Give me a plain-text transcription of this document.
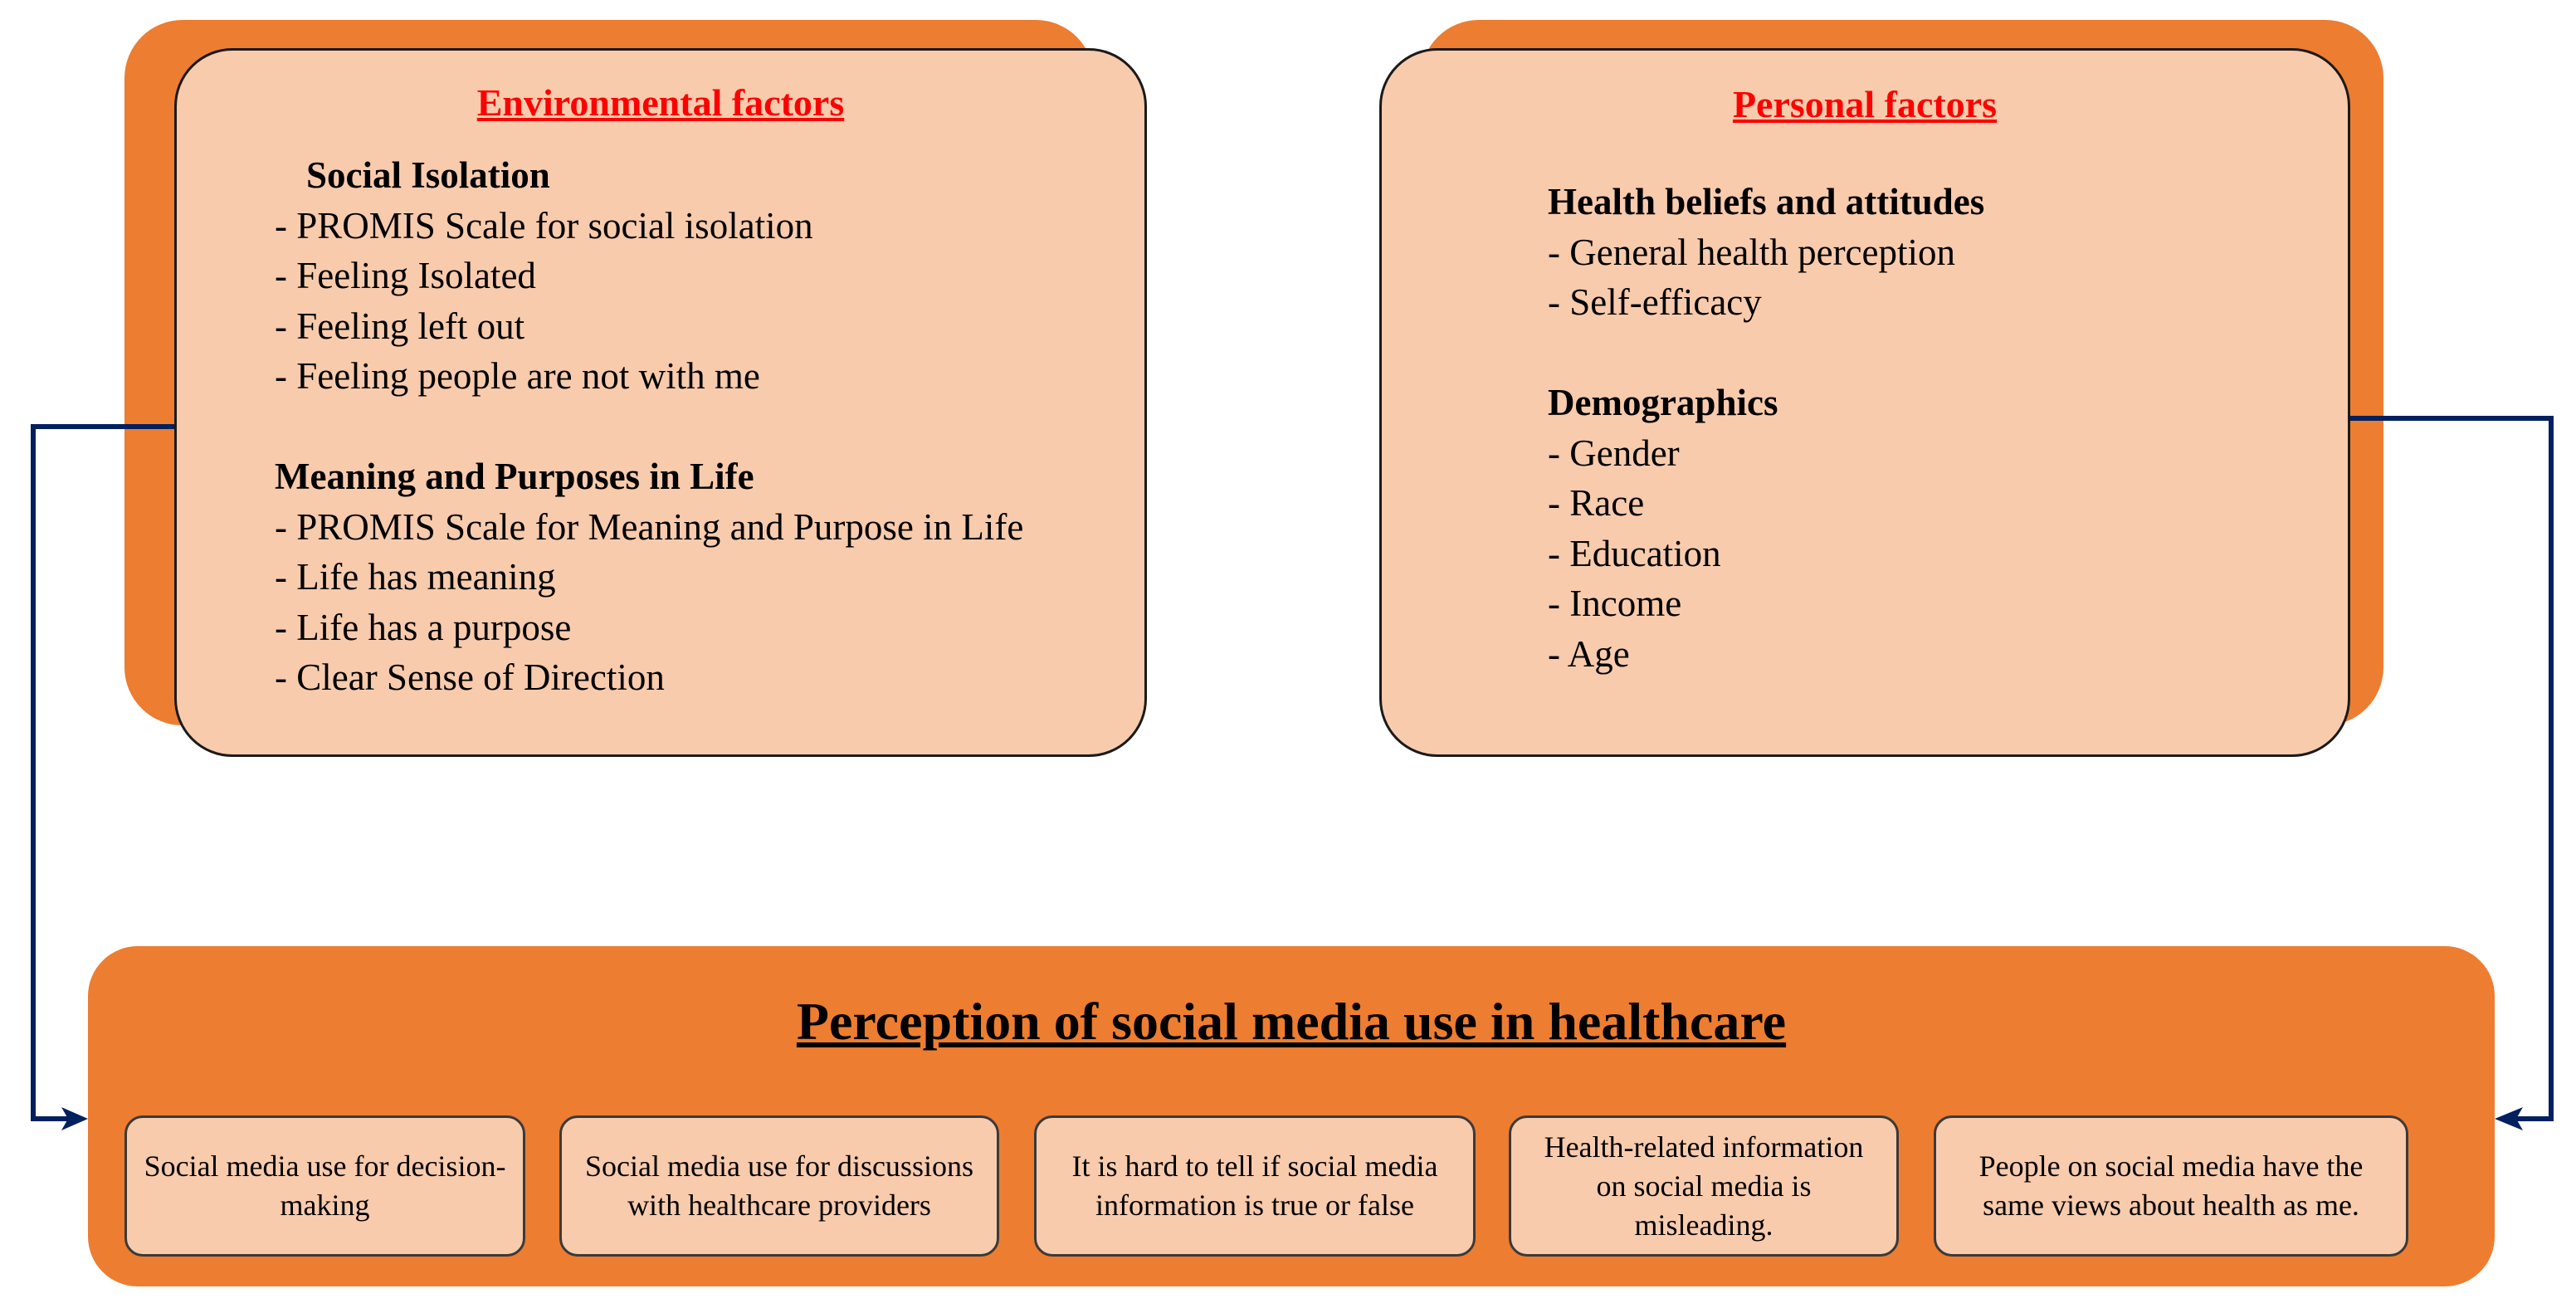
Environmental factors

Social Isolation
- PROMIS Scale for social isolation
- Feeling Isolated
- Feeling left out
- Feeling people are not with me
Meaning and Purposes in Life
- PROMIS Scale for Meaning and Purpose in Life
- Life has meaning
- Life has a purpose
- Clear Sense of Direction

Personal factors

Health beliefs and attitudes
- General health perception
- Self-efficacy
Demographics
- Gender
- Race
- Education
- Income
- Age

Perception of social media use in healthcare

Social media use for decision-making
Social media use for discussions with healthcare providers
It is hard to tell if social media information is true or false
Health-related information on social media is misleading.
People on social media have the same views about health as me.
